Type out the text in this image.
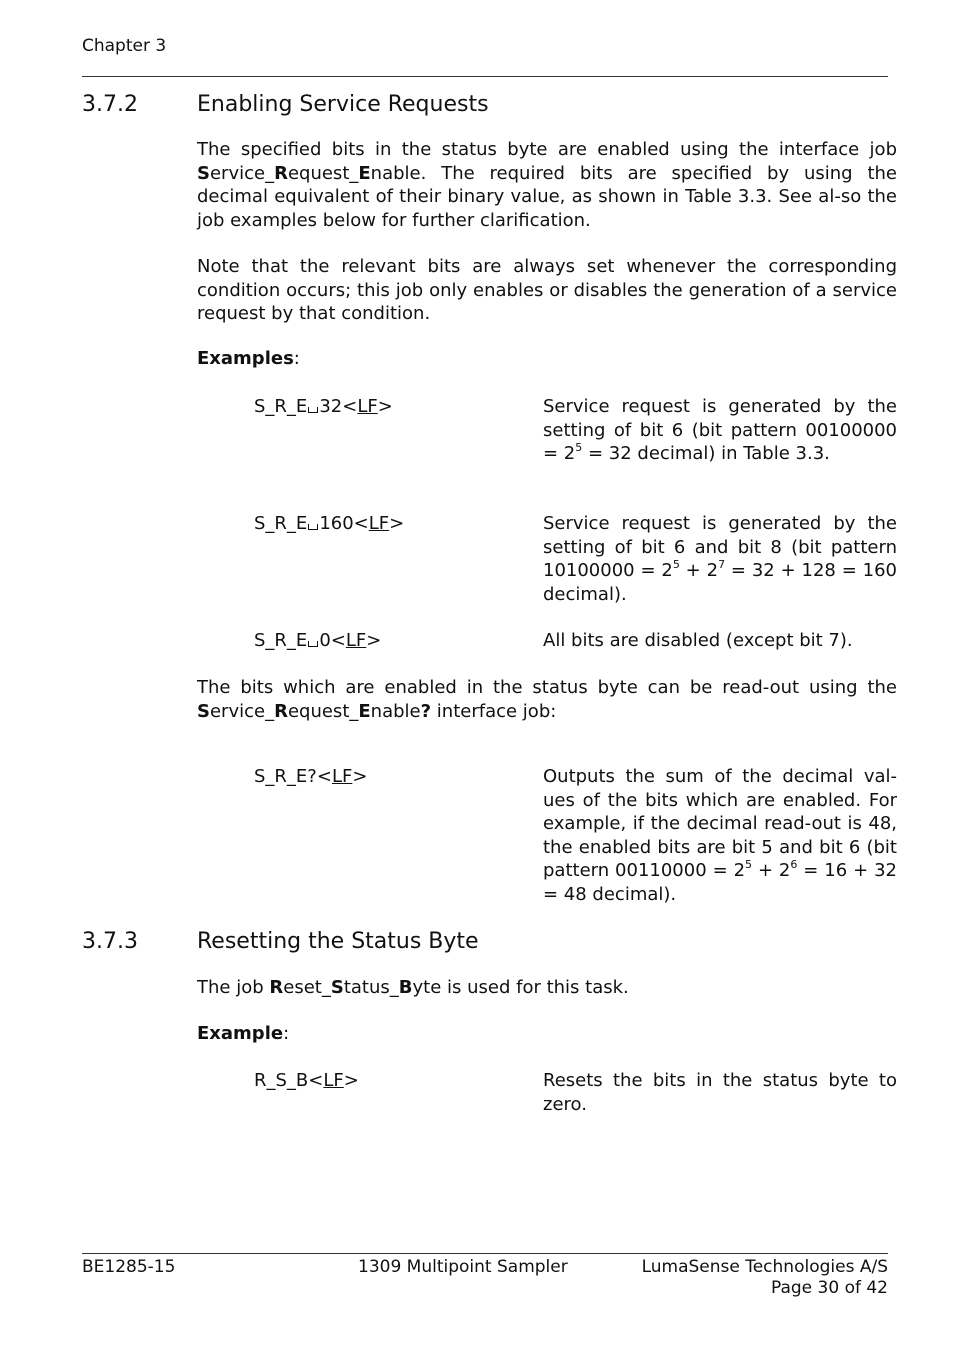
Chapter 3
3.7.2	Enabling Service Requests

The specified bits in the status byte are enabled using the interface job Service_Request_Enable. The required bits are specified by using the decimal equivalent of their binary value, as shown in Table 3.3. See al-so the job examples below for further clarification.

Note that the relevant bits are always set whenever the corresponding condition occurs; this job only enables or disables the generation of a service request by that condition.

Examples:
S_R_E 32<LF>	Service request is generated by the setting of bit 6 (bit pattern $00100000 = 2^5 = 32$ decimal) in Table 3.3.
S_R_E 160<LF>	Service request is generated by the setting of bit 6 and bit 8 (bit pattern $10100000 = 2^5 + 2^7 = 32 + 128 = 160$ decimal).
S_R_E 0<LF>	All bits are disabled (except bit 7).

The bits which are enabled in the status byte can be read-out using the Service_Request_Enable? interface job:

S_R_E?<LF>	Outputs the sum of the decimal val-ues of the bits which are enabled. For example, if the decimal read-out is 48, the enabled bits are bit 5 and bit 6 (bit pattern $00110000 = 2^5 + 2^6 = 16 + 32 = 48$ decimal).
3.7.3	Resetting the Status Byte

The job Reset_Status_Byte is used for this task.

Example:
R_S_B<LF>	Resets the bits in the status byte to zero.
BE1285-15	1309 Multipoint Sampler	LumaSense Technologies A/S
Page 30 of 42
